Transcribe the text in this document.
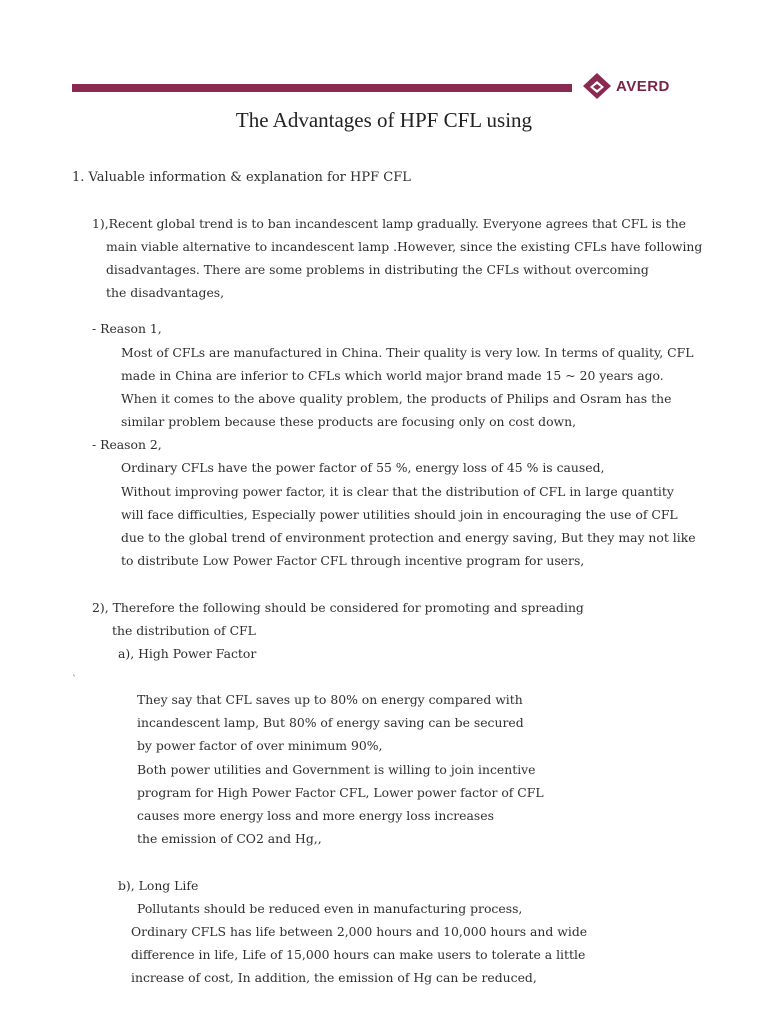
AVERD
The Advantages of HPF CFL using
1. Valuable information & explanation for HPF CFL
1),Recent global trend is to ban incandescent lamp gradually. Everyone agrees that CFL is the
main viable alternative to incandescent lamp .However, since the existing CFLs have following
disadvantages. There are some problems in distributing the CFLs without overcoming
the disadvantages,
- Reason 1,
Most of CFLs are manufactured in China. Their quality is very low. In terms of quality, CFL
made in China are inferior to CFLs which world major brand made 15 ~ 20 years ago.
When it comes to the above quality problem, the products of Philips and Osram has the
similar problem because these products are focusing only on cost down,
- Reason 2,
Ordinary CFLs have the power factor of 55 %, energy loss of 45 % is caused,
Without improving power factor, it is clear that the distribution of CFL in large quantity
will face difficulties, Especially power utilities should join in encouraging the use of CFL
due to the global trend of environment protection and energy saving, But they may not like
to distribute Low Power Factor CFL through incentive program for users,
2), Therefore the following should be considered for promoting and spreading
the distribution of CFL
a), High Power Factor
`
They say that CFL saves up to 80% on energy compared with
incandescent lamp, But 80% of energy saving can be secured
by power factor of over minimum 90%,
Both power utilities and Government is willing to join incentive
program for High Power Factor CFL, Lower power factor of CFL
causes more energy loss and more energy loss increases
the emission of CO2 and Hg,,
b), Long Life
Pollutants should be reduced even in manufacturing process,
Ordinary CFLS has life between 2,000 hours and 10,000 hours and wide
difference in life, Life of 15,000 hours can make users to tolerate a little
increase of cost, In addition, the emission of Hg can be reduced,
